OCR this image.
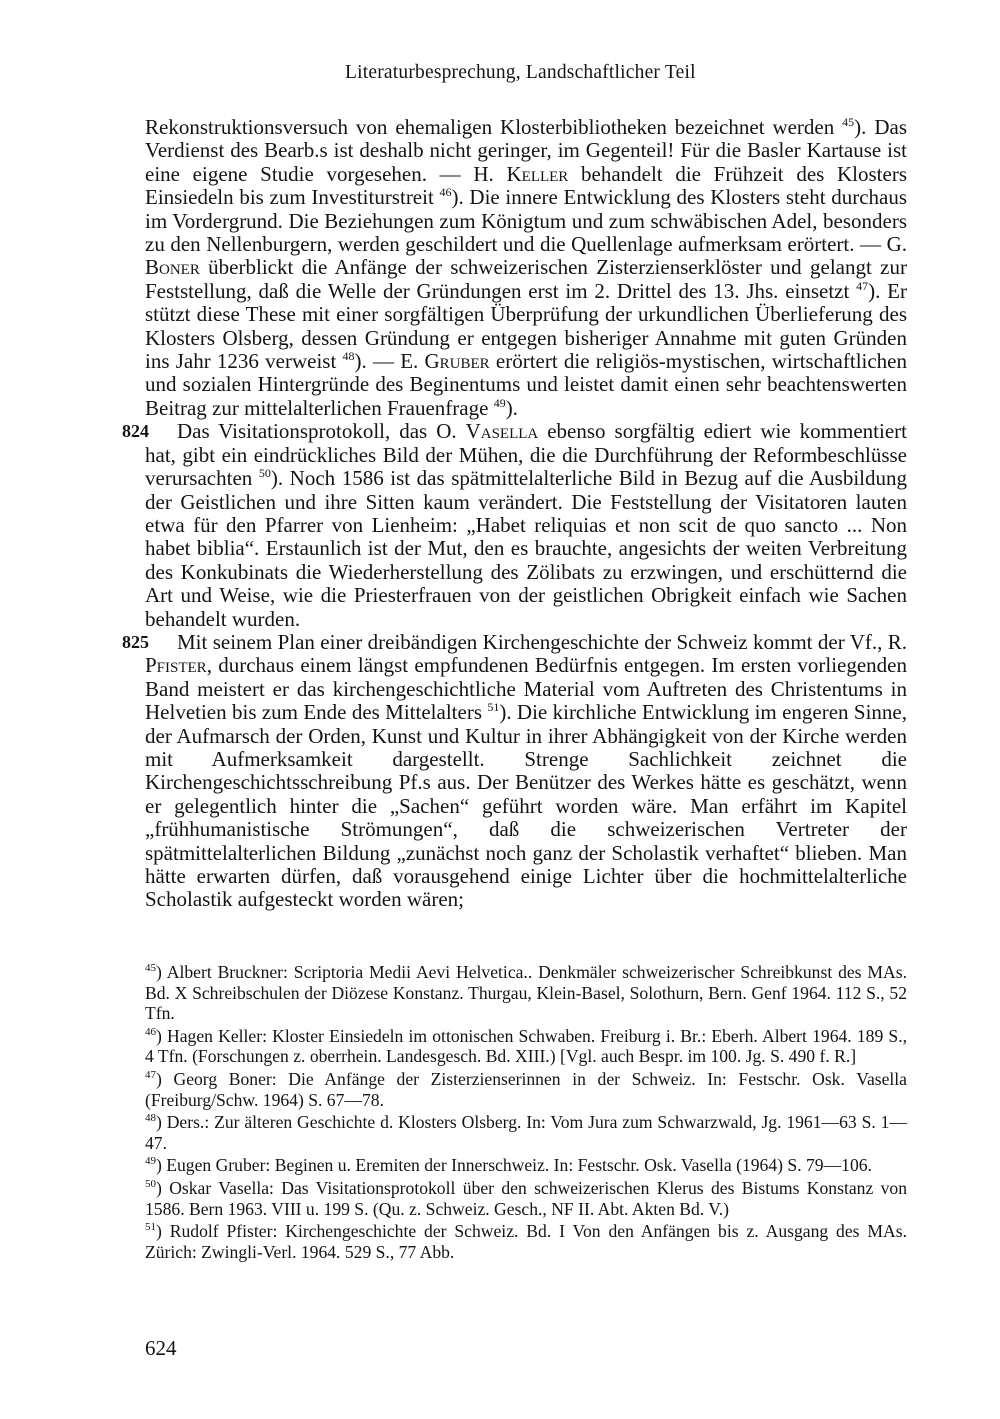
Literaturbesprechung, Landschaftlicher Teil

Rekonstruktionsversuch von ehemaligen Klosterbibliotheken bezeichnet werden $^{45}$). Das Verdienst des Bearb.s ist deshalb nicht geringer, im Gegenteil! Für die Basler Kartause ist eine eigene Studie vorgesehen. — H. Keller behandelt die Frühzeit des Klosters Einsiedeln bis zum Investiturstreit $^{46}$). Die innere Entwicklung des Klosters steht durchaus im Vordergrund. Die Beziehungen zum Königtum und zum schwäbischen Adel, besonders zu den Nellenburgern, werden geschildert und die Quellenlage aufmerksam erörtert. — G. Boner überblickt die Anfänge der schweizerischen Zisterzienserklöster und gelangt zur Feststellung, daß die Welle der Gründungen erst im 2. Drittel des 13. Jhs. einsetzt $^{47}$). Er stützt diese These mit einer sorgfältigen Überprüfung der urkundlichen Überlieferung des Klosters Olsberg, dessen Gründung er entgegen bisheriger Annahme mit guten Gründen ins Jahr 1236 verweist $^{48}$). — E. Gruber erörtert die religiös-mystischen, wirtschaftlichen und sozialen Hintergründe des Beginentums und leistet damit einen sehr beachtenswerten Beitrag zur mittelalterlichen Frauenfrage $^{49}$).

824 Das Visitationsprotokoll, das O. Vasella ebenso sorgfältig ediert wie kommentiert hat, gibt ein eindrückliches Bild der Mühen, die die Durchführung der Reformbeschlüsse verursachten $^{50}$). Noch 1586 ist das spätmittelalterliche Bild in Bezug auf die Ausbildung der Geistlichen und ihre Sitten kaum verändert. Die Feststellung der Visitatoren lauten etwa für den Pfarrer von Lienheim: „Habet reliquias et non scit de quo sancto ... Non habet biblia“. Erstaunlich ist der Mut, den es brauchte, angesichts der weiten Verbreitung des Konkubinats die Wiederherstellung des Zölibats zu erzwingen, und erschütternd die Art und Weise, wie die Priesterfrauen von der geistlichen Obrigkeit einfach wie Sachen behandelt wurden.

825 Mit seinem Plan einer dreibändigen Kirchengeschichte der Schweiz kommt der Vf., R. Pfister, durchaus einem längst empfundenen Bedürfnis entgegen. Im ersten vorliegenden Band meistert er das kirchengeschichtliche Material vom Auftreten des Christentums in Helvetien bis zum Ende des Mittelalters $^{51}$). Die kirchliche Entwicklung im engeren Sinne, der Aufmarsch der Orden, Kunst und Kultur in ihrer Abhängigkeit von der Kirche werden mit Aufmerksamkeit dargestellt. Strenge Sachlichkeit zeichnet die Kirchengeschichtsschreibung Pf.s aus. Der Benützer des Werkes hätte es geschätzt, wenn er gelegentlich hinter die „Sachen“ geführt worden wäre. Man erfährt im Kapitel „frühhumanistische Strömungen“, daß die schweizerischen Vertreter der spätmittelalterlichen Bildung „zunächst noch ganz der Scholastik verhaftet“ blieben. Man hätte erwarten dürfen, daß vorausgehend einige Lichter über die hochmittelalterliche Scholastik aufgesteckt worden wären;

$^{45}$) Albert Bruckner: Scriptoria Medii Aevi Helvetica.. Denkmäler schweizerischer Schreibkunst des MAs. Bd. X Schreibschulen der Diözese Konstanz. Thurgau, Klein-Basel, Solothurn, Bern. Genf 1964. 112 S., 52 Tfn.

$^{46}$) Hagen Keller: Kloster Einsiedeln im ottonischen Schwaben. Freiburg i. Br.: Eberh. Albert 1964. 189 S., 4 Tfn. (Forschungen z. oberrhein. Landesgesch. Bd. XIII.) [Vgl. auch Bespr. im 100. Jg. S. 490 f. R.]

$^{47}$) Georg Boner: Die Anfänge der Zisterzienserinnen in der Schweiz. In: Festschr. Osk. Vasella (Freiburg/Schw. 1964) S. 67—78.

$^{48}$) Ders.: Zur älteren Geschichte d. Klosters Olsberg. In: Vom Jura zum Schwarzwald, Jg. 1961—63 S. 1—47.

$^{49}$) Eugen Gruber: Beginen u. Eremiten der Innerschweiz. In: Festschr. Osk. Vasella (1964) S. 79—106.

$^{50}$) Oskar Vasella: Das Visitationsprotokoll über den schweizerischen Klerus des Bistums Konstanz von 1586. Bern 1963. VIII u. 199 S. (Qu. z. Schweiz. Gesch., NF II. Abt. Akten Bd. V.)

$^{51}$) Rudolf Pfister: Kirchengeschichte der Schweiz. Bd. I Von den Anfängen bis z. Ausgang des MAs. Zürich: Zwingli-Verl. 1964. 529 S., 77 Abb.

624
